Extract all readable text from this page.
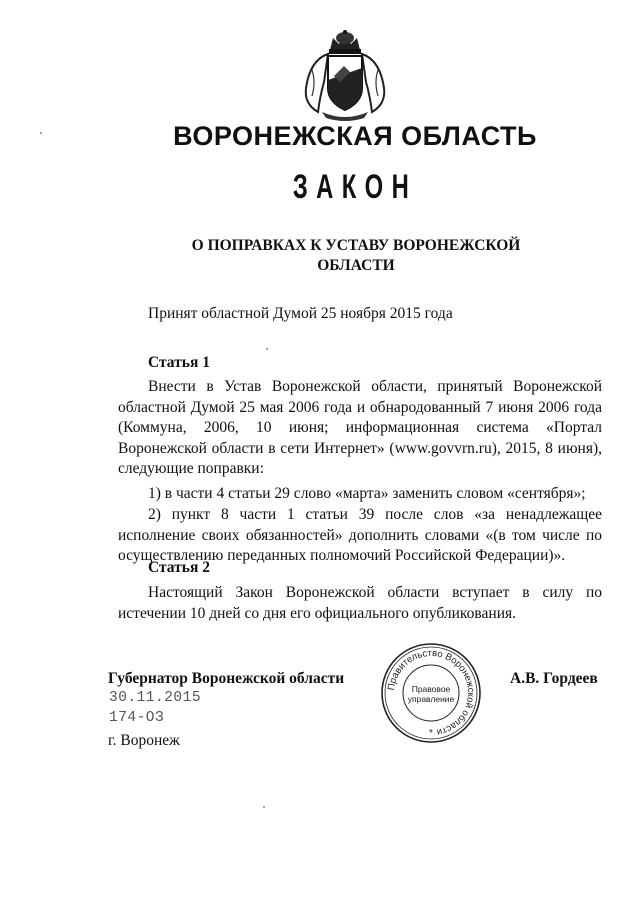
ВОРОНЕЖСКАЯ ОБЛАСТЬ
ЗАКОН
О ПОПРАВКАХ К УСТАВУ ВОРОНЕЖСКОЙ
ОБЛАСТИ
Принят областной Думой 25 ноября 2015 года
Статья 1

Внести в Устав Воронежской области, принятый Воронежской областной Думой 25 мая 2006 года и обнародованный 7 июня 2006 года (Коммуна, 2006, 10 июня; информационная система «Портал Воронежской области в сети Интернет» (www.govvrn.ru), 2015, 8 июня), следующие поправки:

1) в части 4 статьи 29 слово «марта» заменить словом «сентября»;

2) пункт 8 части 1 статьи 39 после слов «за ненадлежащее исполнение своих обязанностей» дополнить словами «(в том числе по осуществлению переданных полномочий Российской Федерации)».

Статья 2

Настоящий Закон Воронежской области вступает в силу по истечении 10 дней со дня его официального опубликования.

Губернатор Воронежской области	А.В. Гордеев
30.11.2015
174-ОЗ
г. Воронеж
Правительство Воронежской области
Правовое
управление
*
